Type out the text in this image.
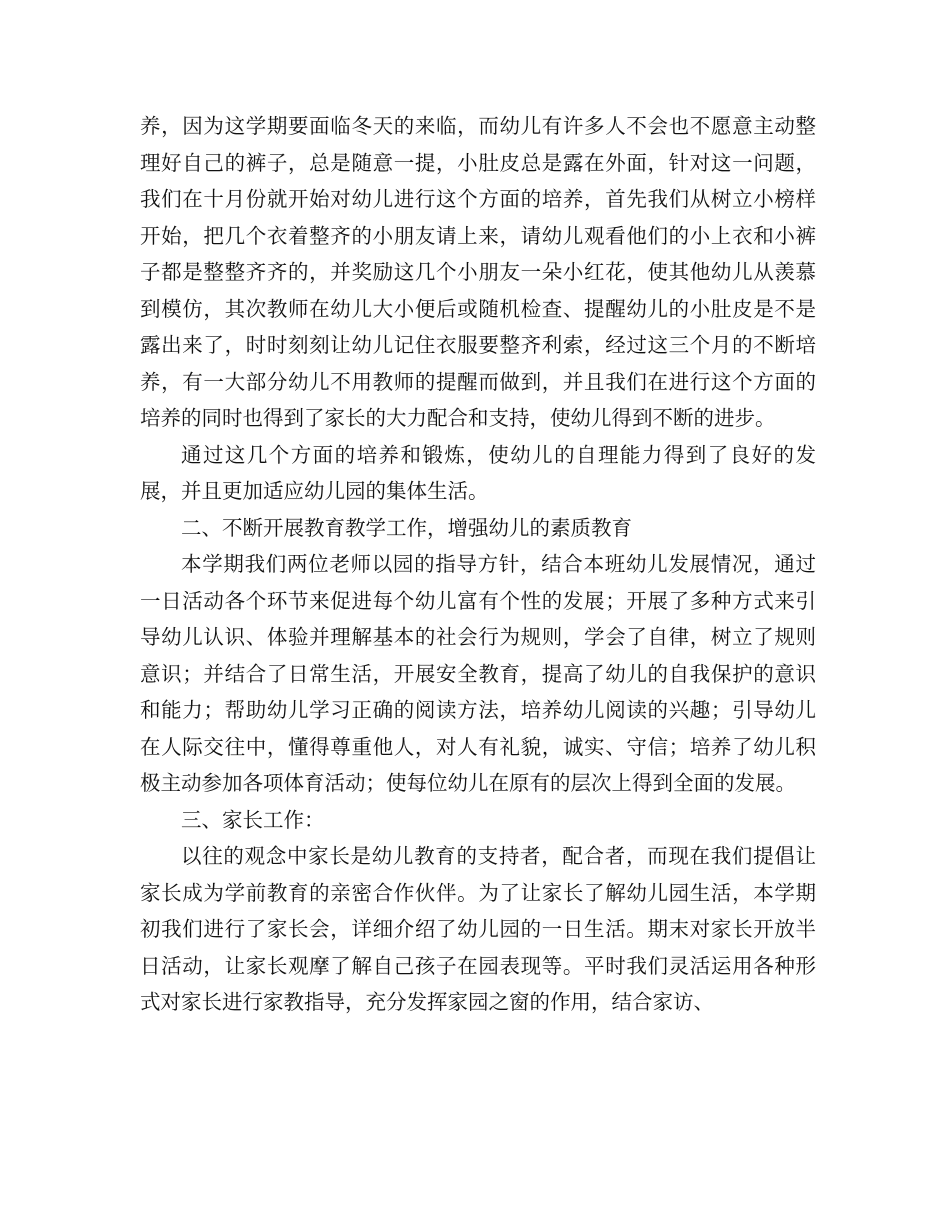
养，因为这学期要面临冬天的来临，而幼儿有许多人不会也不愿意主动整理好自己的裤子，总是随意一提，小肚皮总是露在外面，针对这一问题，我们在十月份就开始对幼儿进行这个方面的培养，首先我们从树立小榜样开始，把几个衣着整齐的小朋友请上来，请幼儿观看他们的小上衣和小裤子都是整整齐齐的，并奖励这几个小朋友一朵小红花，使其他幼儿从羡慕到模仿，其次教师在幼儿大小便后或随机检查、提醒幼儿的小肚皮是不是露出来了，时时刻刻让幼儿记住衣服要整齐利索，经过这三个月的不断培养，有一大部分幼儿不用教师的提醒而做到，并且我们在进行这个方面的培养的同时也得到了家长的大力配合和支持，使幼儿得到不断的进步。

通过这几个方面的培养和锻炼，使幼儿的自理能力得到了良好的发展，并且更加适应幼儿园的集体生活。

二、不断开展教育教学工作，增强幼儿的素质教育

本学期我们两位老师以园的指导方针，结合本班幼儿发展情况，通过一日活动各个环节来促进每个幼儿富有个性的发展；开展了多种方式来引导幼儿认识、体验并理解基本的社会行为规则，学会了自律，树立了规则意识；并结合了日常生活，开展安全教育，提高了幼儿的自我保护的意识和能力；帮助幼儿学习正确的阅读方法，培养幼儿阅读的兴趣；引导幼儿在人际交往中，懂得尊重他人，对人有礼貌，诚实、守信；培养了幼儿积极主动参加各项体育活动；使每位幼儿在原有的层次上得到全面的发展。

三、家长工作：

以往的观念中家长是幼儿教育的支持者，配合者，而现在我们提倡让家长成为学前教育的亲密合作伙伴。为了让家长了解幼儿园生活，本学期初我们进行了家长会，详细介绍了幼儿园的一日生活。期末对家长开放半日活动，让家长观摩了解自己孩子在园表现等。平时我们灵活运用各种形式对家长进行家教指导，充分发挥家园之窗的作用，结合家访、
